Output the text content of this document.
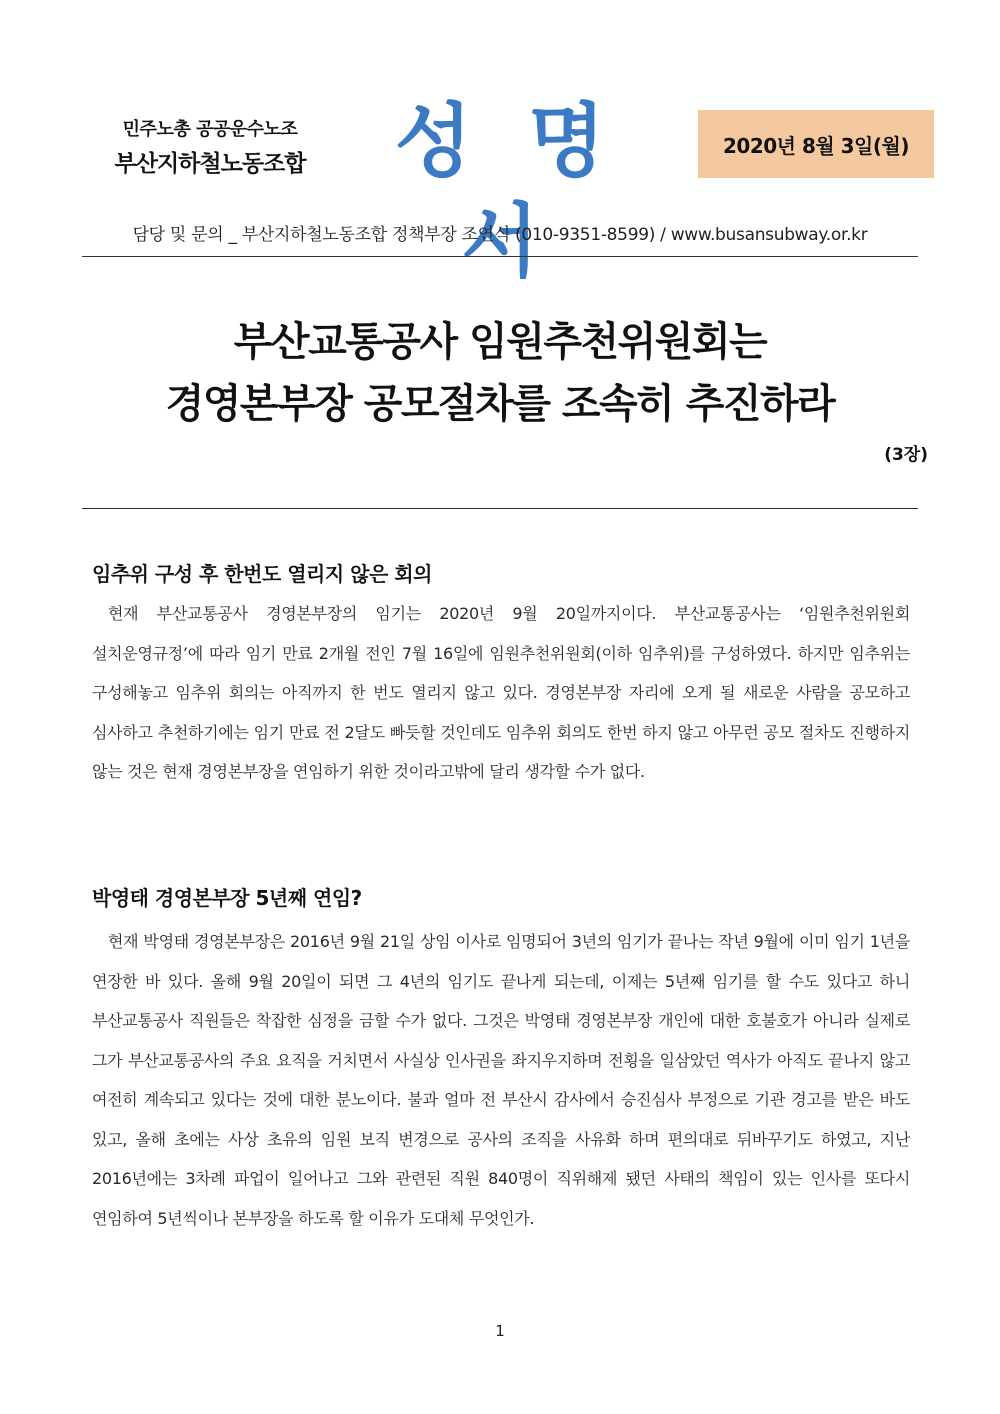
민주노총 공공운수노조
부산지하철노동조합	성 명 서
2020년 8월 3일(월)
담당 및 문의 _ 부산지하철노동조합 정책부장 조연식 (010-9351-8599) / www.busansubway.or.kr
부산교통공사 임원추천위원회는
경영본부장 공모절차를 조속히 추진하라
(3장)
임추위 구성 후 한번도 열리지 않은 회의

현재 부산교통공사 경영본부장의 임기는 2020년 9월 20일까지이다. 부산교통공사는 ‘임원추천위원회 설치운영규정’에 따라 임기 만료 2개월 전인 7월 16일에 임원추천위원회(이하 임추위)를 구성하였다. 하지만 임추위는 구성해놓고 임추위 회의는 아직까지 한 번도 열리지 않고 있다. 경영본부장 자리에 오게 될 새로운 사람을 공모하고 심사하고 추천하기에는 임기 만료 전 2달도 빠듯할 것인데도 임추위 회의도 한번 하지 않고 아무런 공모 절차도 진행하지 않는 것은 현재 경영본부장을 연임하기 위한 것이라고밖에 달리 생각할 수가 없다.

박영태 경영본부장 5년째 연임?

현재 박영태 경영본부장은 2016년 9월 21일 상임 이사로 임명되어 3년의 임기가 끝나는 작년 9월에 이미 임기 1년을 연장한 바 있다. 올해 9월 20일이 되면 그 4년의 임기도 끝나게 되는데, 이제는 5년째 임기를 할 수도 있다고 하니 부산교통공사 직원들은 착잡한 심정을 금할 수가 없다. 그것은 박영태 경영본부장 개인에 대한 호불호가 아니라 실제로 그가 부산교통공사의 주요 요직을 거치면서 사실상 인사권을 좌지우지하며 전횡을 일삼았던 역사가 아직도 끝나지 않고 여전히 계속되고 있다는 것에 대한 분노이다. 불과 얼마 전 부산시 감사에서 승진심사 부정으로 기관 경고를 받은 바도 있고, 올해 초에는 사상 초유의 임원 보직 변경으로 공사의 조직을 사유화 하며 편의대로 뒤바꾸기도 하였고, 지난 2016년에는 3차례 파업이 일어나고 그와 관련된 직원 840명이 직위해제 됐던 사태의 책임이 있는 인사를 또다시 연임하여 5년씩이나 본부장을 하도록 할 이유가 도대체 무엇인가.

1
